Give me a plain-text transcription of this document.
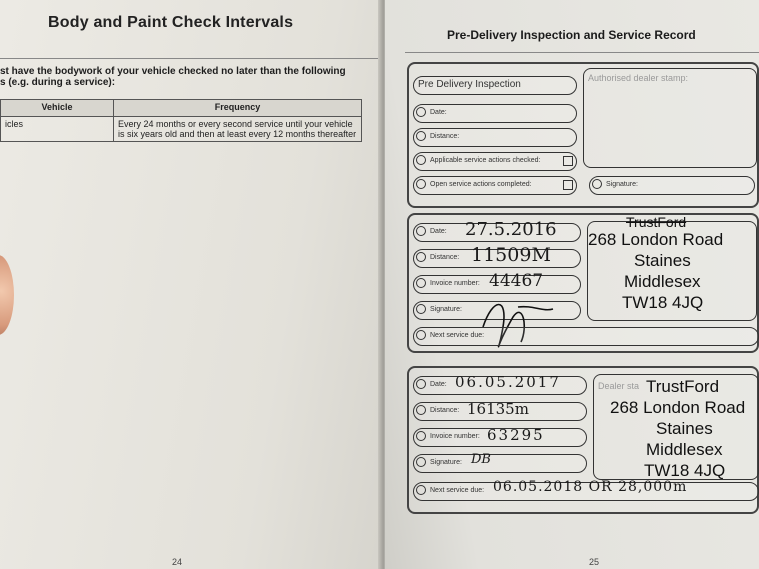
Body and Paint Check Intervals
st have the bodywork of your vehicle checked no later than the following
s (e.g. during a service):
Vehicle	Frequency
icles	Every 24 months or every second service until your vehicle is six years old and then at least every 12 months thereafter
24
Pre-Delivery Inspection and Service Record
Pre Delivery Inspection
Authorised dealer stamp:
Date:
Distance:
Applicable service actions checked:
Open service actions completed:	Signature:
Date:	27.5.2016
Distance: 11509M
Invoice number: 44467
Signature:
Next service due:
TrustFord
268 London Road
Staines
Middlesex
TW18 4JQ
Date: 06.05.2017
Distance: 16135m
Invoice number: 63295
Signature: DB
Next service due: 06.05.2018 OR 28,000m
Dealer sta TrustFord
268 London Road
Staines
Middlesex
TW18 4JQ
25
